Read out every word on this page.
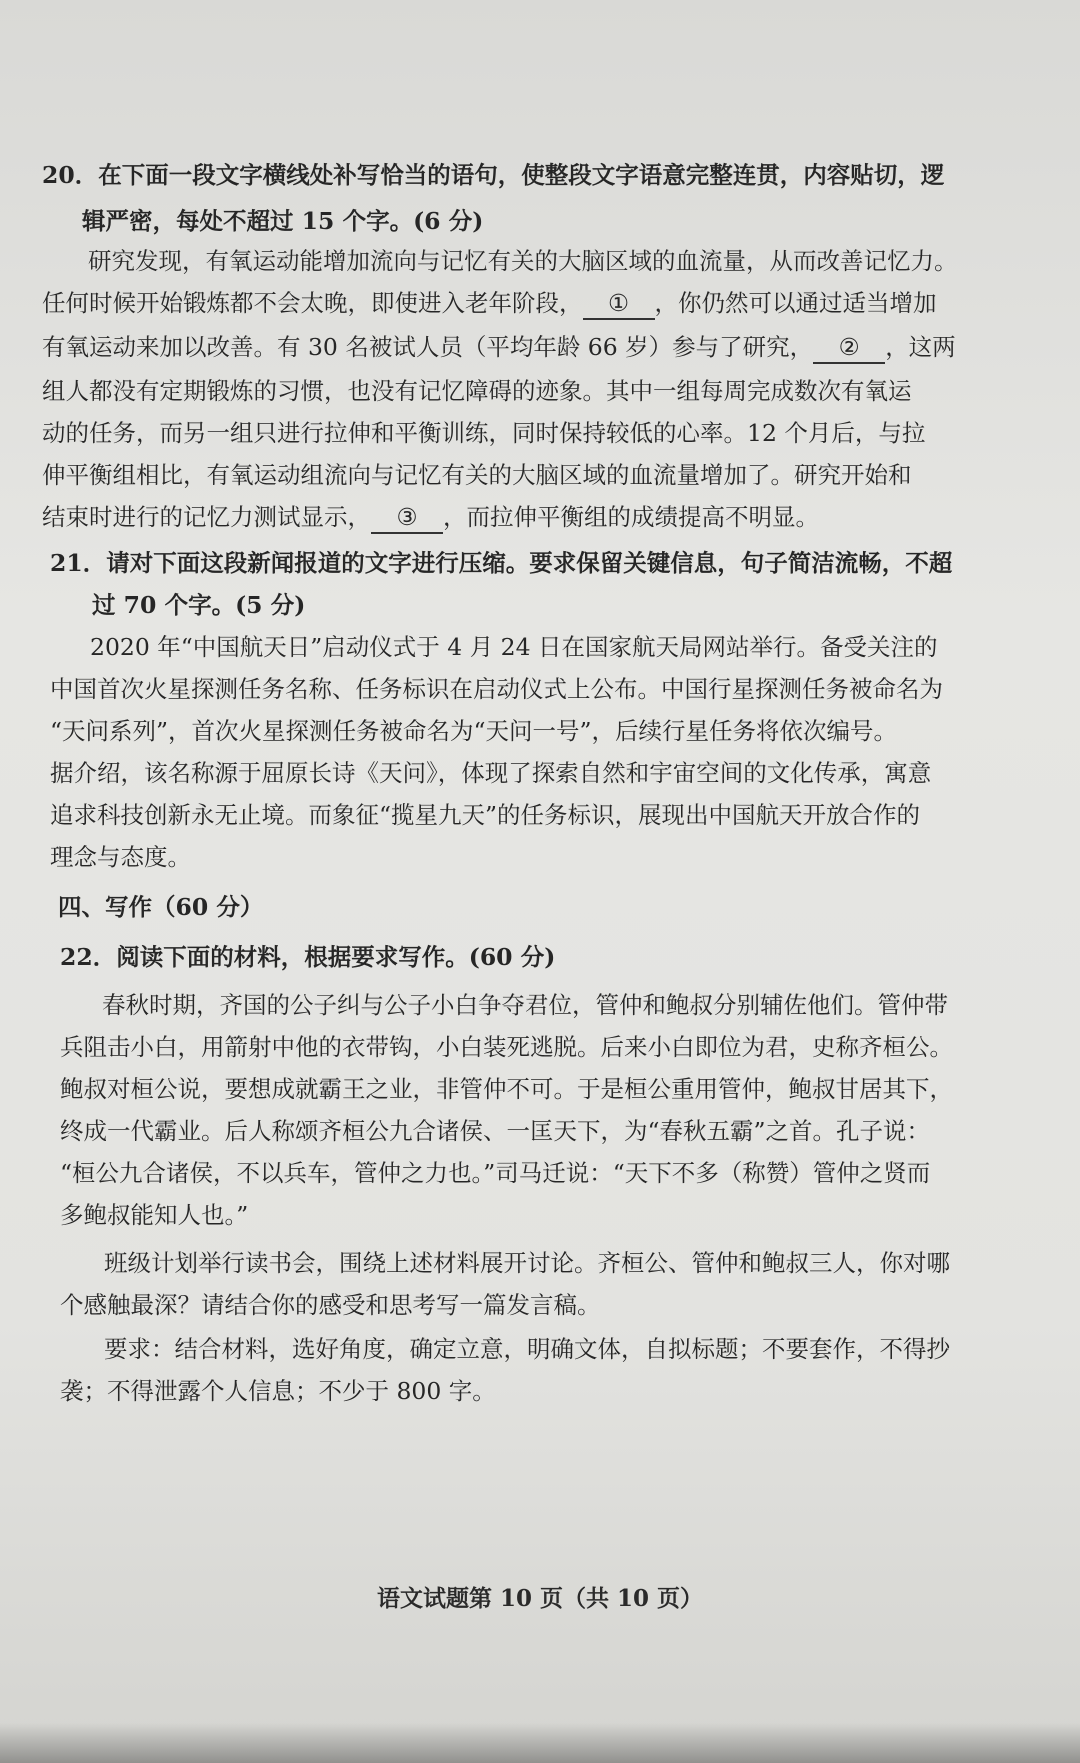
20．在下面一段文字横线处补写恰当的语句，使整段文字语意完整连贯，内容贴切，逻
辑严密，每处不超过 15 个字。(6 分)
研究发现，有氧运动能增加流向与记忆有关的大脑区域的血流量，从而改善记忆力。
任何时候开始锻炼都不会太晚，即使进入老年阶段， ① ，你仍然可以通过适当增加
有氧运动来加以改善。有 30 名被试人员（平均年龄 66 岁）参与了研究， ② ，这两
组人都没有定期锻炼的习惯，也没有记忆障碍的迹象。其中一组每周完成数次有氧运
动的任务，而另一组只进行拉伸和平衡训练，同时保持较低的心率。12 个月后，与拉
伸平衡组相比，有氧运动组流向与记忆有关的大脑区域的血流量增加了。研究开始和
结束时进行的记忆力测试显示， ③ ，而拉伸平衡组的成绩提高不明显。
21．请对下面这段新闻报道的文字进行压缩。要求保留关键信息，句子简洁流畅，不超
过 70 个字。(5 分)
2020 年“中国航天日”启动仪式于 4 月 24 日在国家航天局网站举行。备受关注的
中国首次火星探测任务名称、任务标识在启动仪式上公布。中国行星探测任务被命名为
“天问系列”，首次火星探测任务被命名为“天问一号”，后续行星任务将依次编号。
据介绍，该名称源于屈原长诗《天问》，体现了探索自然和宇宙空间的文化传承，寓意
追求科技创新永无止境。而象征“揽星九天”的任务标识，展现出中国航天开放合作的
理念与态度。
四、写作（60 分）
22．阅读下面的材料，根据要求写作。(60 分)
春秋时期，齐国的公子纠与公子小白争夺君位，管仲和鲍叔分别辅佐他们。管仲带
兵阻击小白，用箭射中他的衣带钩，小白装死逃脱。后来小白即位为君，史称齐桓公。
鲍叔对桓公说，要想成就霸王之业，非管仲不可。于是桓公重用管仲，鲍叔甘居其下，
终成一代霸业。后人称颂齐桓公九合诸侯、一匡天下，为“春秋五霸”之首。孔子说：
“桓公九合诸侯，不以兵车，管仲之力也。”司马迁说：“天下不多（称赞）管仲之贤而
多鲍叔能知人也。”
班级计划举行读书会，围绕上述材料展开讨论。齐桓公、管仲和鲍叔三人，你对哪
个感触最深？请结合你的感受和思考写一篇发言稿。
要求：结合材料，选好角度，确定立意，明确文体，自拟标题；不要套作，不得抄
袭；不得泄露个人信息；不少于 800 字。
语文试题第 10 页（共 10 页）
